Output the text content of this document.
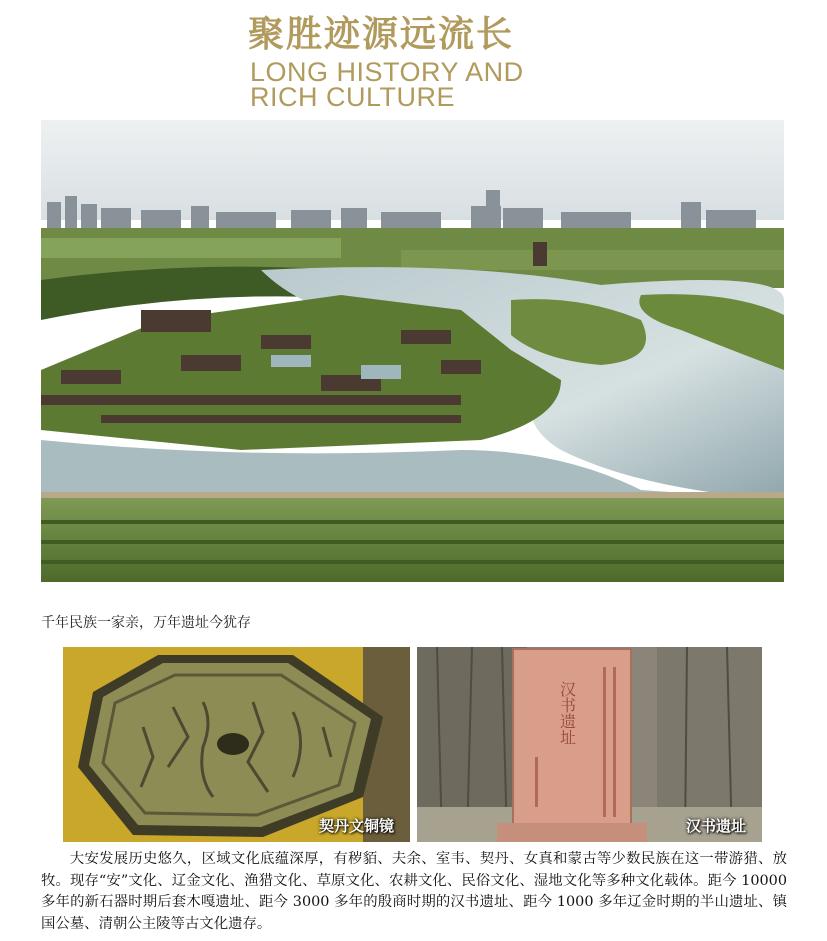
聚胜迹源远流长
LONG HISTORY AND
RICH CULTURE
千年民族一家亲，万年遗址今犹存
契丹文铜镜
汉书遗址
汉书遗址

大安发展历史悠久，区域文化底蕴深厚，有秽貊、夫余、室韦、契丹、女真和蒙古等少数民族在这一带游猎、放牧。现存“安”文化、辽金文化、渔猎文化、草原文化、农耕文化、民俗文化、湿地文化等多种文化载体。距今 10000 多年的新石器时期后套木嘎遗址、距今 3000 多年的殷商时期的汉书遗址、距今 1000 多年辽金时期的半山遗址、镇国公墓、清朝公主陵等古文化遗存。
